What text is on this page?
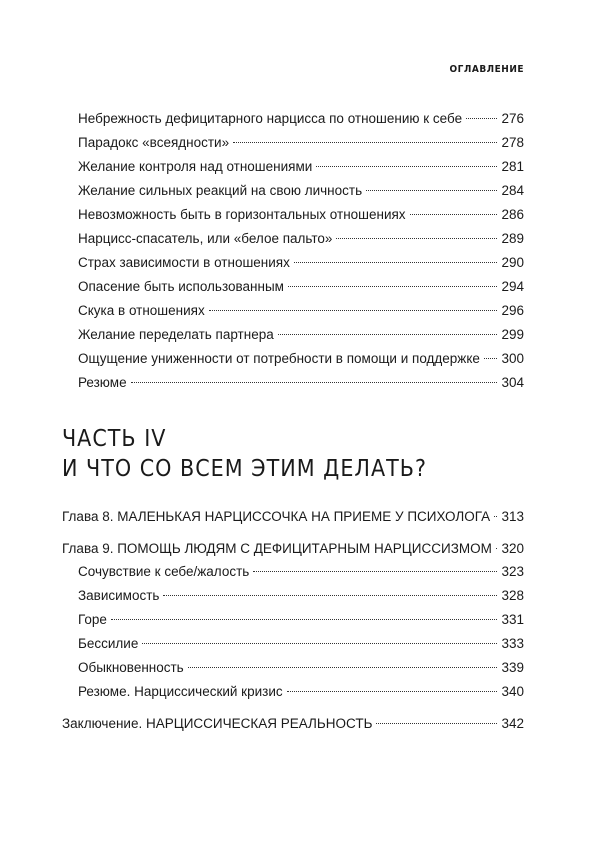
ОГЛАВЛЕНИЕ
Небрежность дефицитарного нарцисса по отношению к себе	276
Парадокс «всеядности»	278
Желание контроля над отношениями	281
Желание сильных реакций на свою личность	284
Невозможность быть в горизонтальных отношениях	286
Нарцисс-спасатель, или «белое пальто»	289
Страх зависимости в отношениях	290
Опасение быть использованным	294
Скука в отношениях	296
Желание переделать партнера	299
Ощущение униженности от потребности в помощи и поддержке 300
Резюме	304
ЧАСТЬ IV
И ЧТО СО ВСЕМ ЭТИМ ДЕЛАТЬ?
Глава 8. МАЛЕНЬКАЯ НАРЦИССОЧКА НА ПРИЕМЕ У ПСИХОЛОГА 313
Глава 9. ПОМОЩЬ ЛЮДЯМ С ДЕФИЦИТАРНЫМ НАРЦИССИЗМОМ 320
Сочувствие к себе/жалость	323
Зависимость	328
Горе	331
Бессилие	333
Обыкновенность	339
Резюме. Нарциссический кризис	340
Заключение. НАРЦИССИЧЕСКАЯ РЕАЛЬНОСТЬ	342
